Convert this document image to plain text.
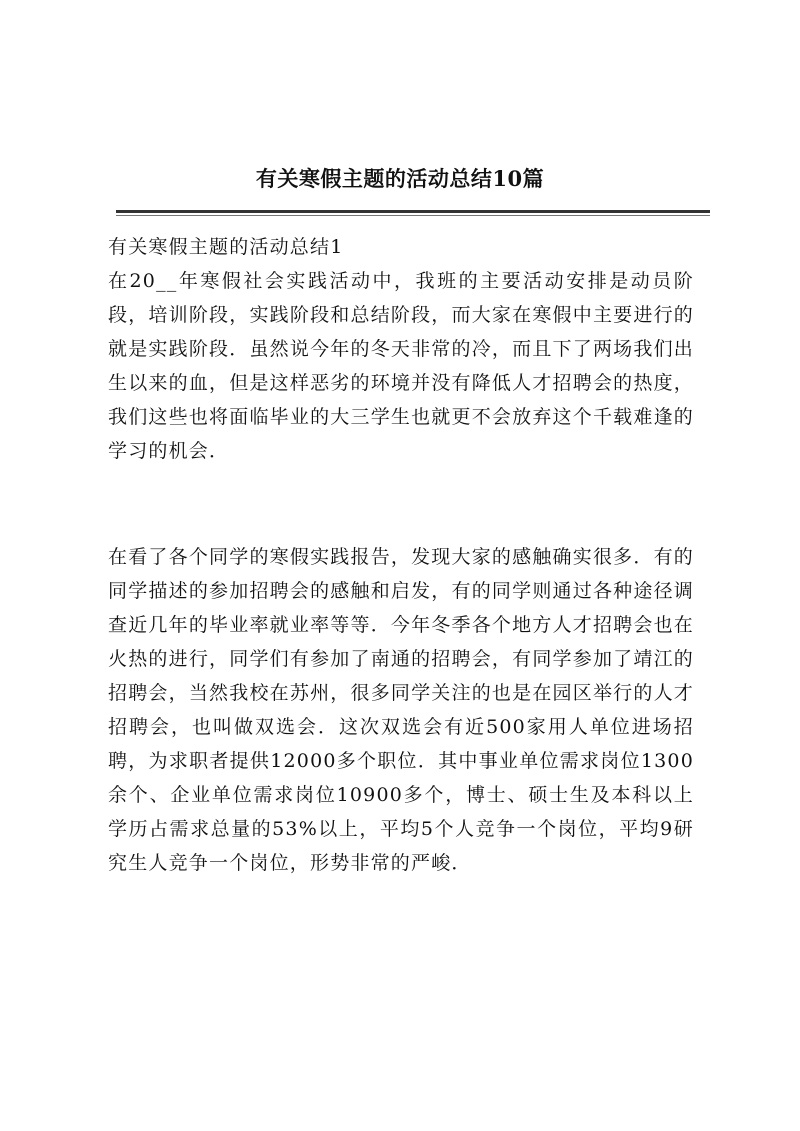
有关寒假主题的活动总结10篇
有关寒假主题的活动总结1

在20__年寒假社会实践活动中，我班的主要活动安排是动员阶段，培训阶段，实践阶段和总结阶段，而大家在寒假中主要进行的就是实践阶段．虽然说今年的冬天非常的冷，而且下了两场我们出生以来的血，但是这样恶劣的环境并没有降低人才招聘会的热度，我们这些也将面临毕业的大三学生也就更不会放弃这个千载难逢的学习的机会．

在看了各个同学的寒假实践报告，发现大家的感触确实很多．有的同学描述的参加招聘会的感触和启发，有的同学则通过各种途径调查近几年的毕业率就业率等等．今年冬季各个地方人才招聘会也在火热的进行，同学们有参加了南通的招聘会，有同学参加了靖江的招聘会，当然我校在苏州，很多同学关注的也是在园区举行的人才招聘会，也叫做双选会．这次双选会有近500家用人单位进场招聘，为求职者提供12000多个职位．其中事业单位需求岗位1300余个、企业单位需求岗位10900多个，博士、硕士生及本科以上学历占需求总量的53%以上，平均5个人竞争一个岗位，平均9研究生人竞争一个岗位，形势非常的严峻．
